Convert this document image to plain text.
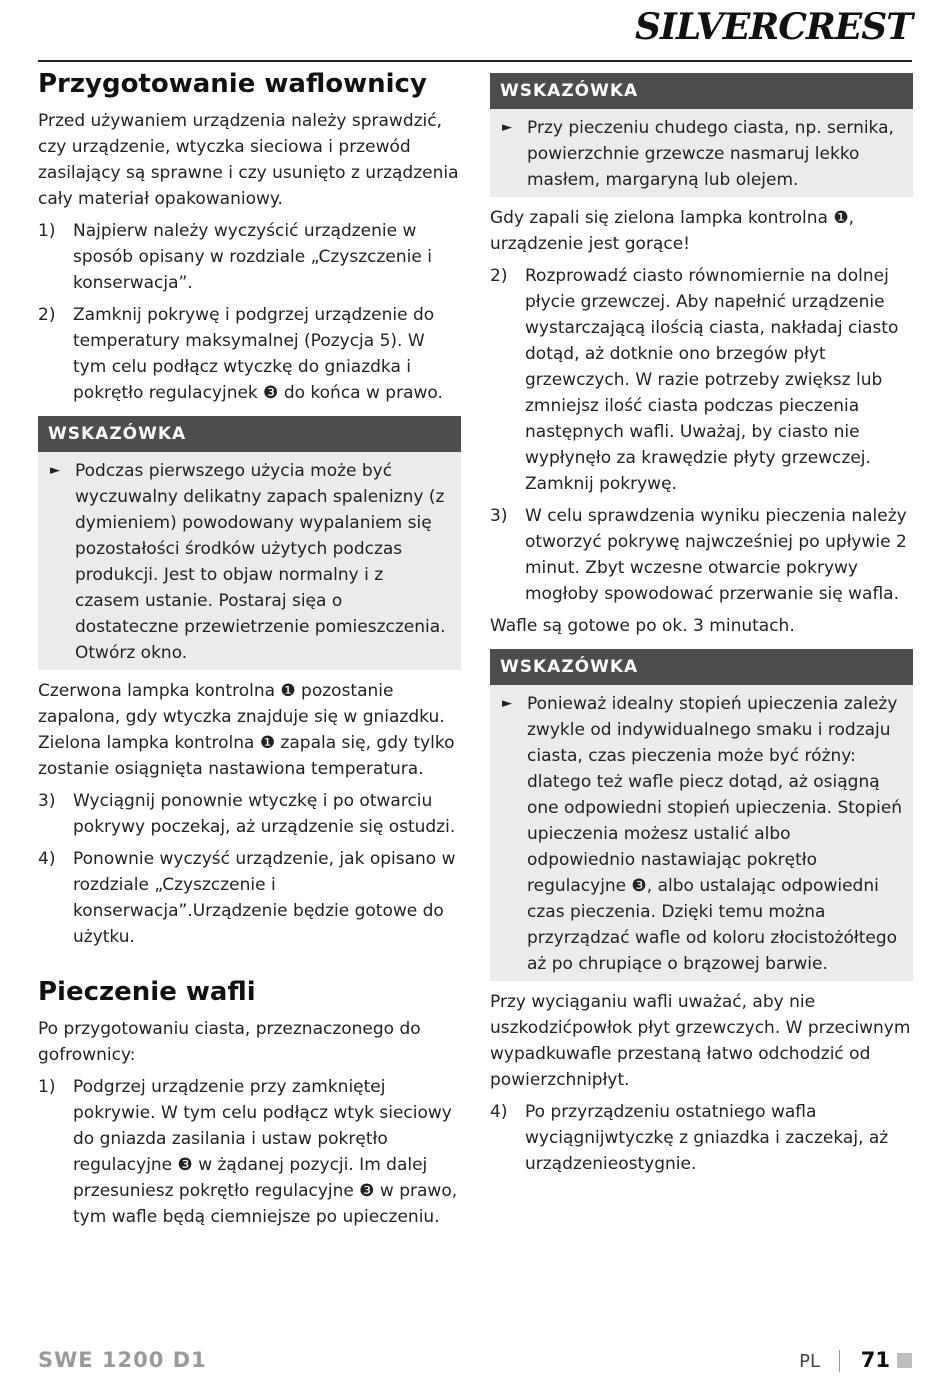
SILVERCREST
Przygotowanie waflownicy

Przed używaniem urządzenia należy sprawdzić, czy urządzenie, wtyczka sieciowa i przewód zasilający są sprawne i czy usunięto z urządzenia cały materiał opakowaniowy.

1) Najpierw należy wyczyścić urządzenie w sposób opisany w rozdziale „Czyszczenie i konserwacja”.
2) Zamknij pokrywę i podgrzej urządzenie do temperatury maksymalnej (Pozycja 5). W tym celu podłącz wtyczkę do gniazdka i pokrętło regulacyjnek ❸ do końca w prawo.
WSKAZÓWKA
► Podczas pierwszego użycia może być wyczuwalny delikatny zapach spalenizny (z dymieniem) powodowany wypalaniem się pozostałości środków użytych podczas produkcji. Jest to objaw normalny i z czasem ustanie. Postaraj sięa o dostateczne przewietrzenie pomieszczenia. Otwórz okno.

Czerwona lampka kontrolna ❶ pozostanie zapalona, gdy wtyczka znajduje się w gniazdku. Zielona lampka kontrolna ❶ zapala się, gdy tylko zostanie osiągnięta nastawiona temperatura.

3) Wyciągnij ponownie wtyczkę i po otwarciu pokrywy poczekaj, aż urządzenie się ostudzi.
4) Ponownie wyczyść urządzenie, jak opisano w rozdziale „Czyszczenie i konserwacja”.Urządzenie będzie gotowe do użytku.
Pieczenie wafli

Po przygotowaniu ciasta, przeznaczonego do gofrownicy:

1) Podgrzej urządzenie przy zamkniętej pokrywie. W tym celu podłącz wtyk sieciowy do gniazda zasilania i ustaw pokrętło regulacyjne ❸ w żądanej pozycji. Im dalej przesuniesz pokrętło regulacyjne ❸ w prawo, tym wafle będą ciemniejsze po upieczeniu.
WSKAZÓWKA
► Przy pieczeniu chudego ciasta, np. sernika, powierzchnie grzewcze nasmaruj lekko masłem, margaryną lub olejem.

Gdy zapali się zielona lampka kontrolna ❶, urządzenie jest gorące!

2) Rozprowadź ciasto równomiernie na dolnej płycie grzewczej. Aby napełnić urządzenie wystarczającą ilością ciasta, nakładaj ciasto dotąd, aż dotknie ono brzegów płyt grzewczych. W razie potrzeby zwiększ lub zmniejsz ilość ciasta podczas pieczenia następnych wafli. Uważaj, by ciasto nie wypłynęło za krawędzie płyty grzewczej. Zamknij pokrywę.
3) W celu sprawdzenia wyniku pieczenia należy otworzyć pokrywę najwcześniej po upływie 2 minut. Zbyt wczesne otwarcie pokrywy mogłoby spowodować przerwanie się wafla.

Wafle są gotowe po ok. 3 minutach.

WSKAZÓWKA
► Ponieważ idealny stopień upieczenia zależy zwykle od indywidualnego smaku i rodzaju ciasta, czas pieczenia może być różny: dlatego też wafle piecz dotąd, aż osiągną one odpowiedni stopień upieczenia. Stopień upieczenia możesz ustalić albo odpowiednio nastawiając pokrętło regulacyjne ❸, albo ustalając odpowiedni czas pieczenia. Dzięki temu można przyrządzać wafle od koloru złocistożółtego aż po chrupiące o brązowej barwie.

Przy wyciąganiu wafli uważać, aby nie uszkodzićpowłok płyt grzewczych. W przeciwnym wypadkuwafle przestaną łatwo odchodzić od powierzchnipłyt.

4) Po przyrządzeniu ostatniego wafla wyciągnijwtyczkę z gniazdka i zaczekaj, aż urządzenieostygnie.
SWE 1200 D1	PL 71
